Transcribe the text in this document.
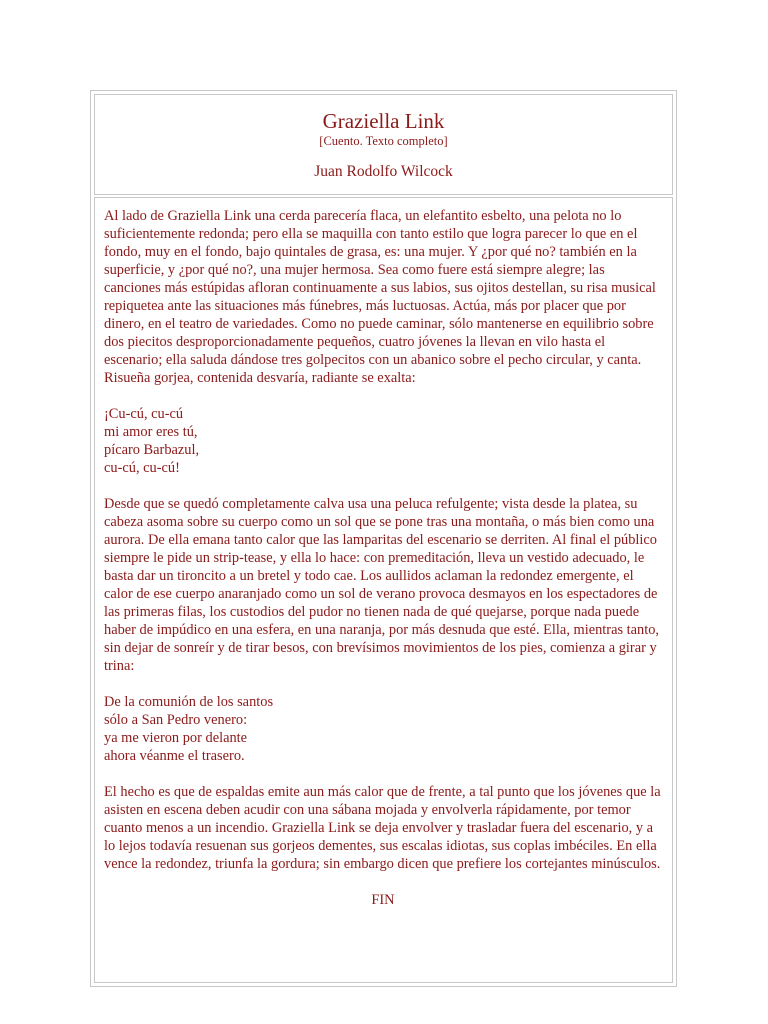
Graziella Link
[Cuento. Texto completo]
Juan Rodolfo Wilcock

Al lado de Graziella Link una cerda parecería flaca, un elefantito esbelto, una pelota no lo suficientemente redonda; pero ella se maquilla con tanto estilo que logra parecer lo que en el fondo, muy en el fondo, bajo quintales de grasa, es: una mujer. Y ¿por qué no? también en la superficie, y ¿por qué no?, una mujer hermosa. Sea como fuere está siempre alegre; las canciones más estúpidas afloran continuamente a sus labios, sus ojitos destellan, su risa musical repiquetea ante las situaciones más fúnebres, más luctuosas. Actúa, más por placer que por dinero, en el teatro de variedades. Como no puede caminar, sólo mantenerse en equilibrio sobre dos piecitos desproporcionadamente pequeños, cuatro jóvenes la llevan en vilo hasta el escenario; ella saluda dándose tres golpecitos con un abanico sobre el pecho circular, y canta. Risueña gorjea, contenida desvaría, radiante se exalta:

¡Cu-cú, cu-cú
mi amor eres tú,
pícaro Barbazul,
cu-cú, cu-cú!

Desde que se quedó completamente calva usa una peluca refulgente; vista desde la platea, su cabeza asoma sobre su cuerpo como un sol que se pone tras una montaña, o más bien como una aurora. De ella emana tanto calor que las lamparitas del escenario se derriten. Al final el público siempre le pide un strip-tease, y ella lo hace: con premeditación, lleva un vestido adecuado, le basta dar un tironcito a un bretel y todo cae. Los aullidos aclaman la redondez emergente, el calor de ese cuerpo anaranjado como un sol de verano provoca desmayos en los espectadores de las primeras filas, los custodios del pudor no tienen nada de qué quejarse, porque nada puede haber de impúdico en una esfera, en una naranja, por más desnuda que esté. Ella, mientras tanto, sin dejar de sonreír y de tirar besos, con brevísimos movimientos de los pies, comienza a girar y trina:

De la comunión de los santos
sólo a San Pedro venero:
ya me vieron por delante
ahora véanme el trasero.

El hecho es que de espaldas emite aun más calor que de frente, a tal punto que los jóvenes que la asisten en escena deben acudir con una sábana mojada y envolverla rápidamente, por temor cuanto menos a un incendio. Graziella Link se deja envolver y trasladar fuera del escenario, y a lo lejos todavía resuenan sus gorjeos dementes, sus escalas idiotas, sus coplas imbéciles. En ella vence la redondez, triunfa la gordura; sin embargo dicen que prefiere los cortejantes minúsculos.

FIN
